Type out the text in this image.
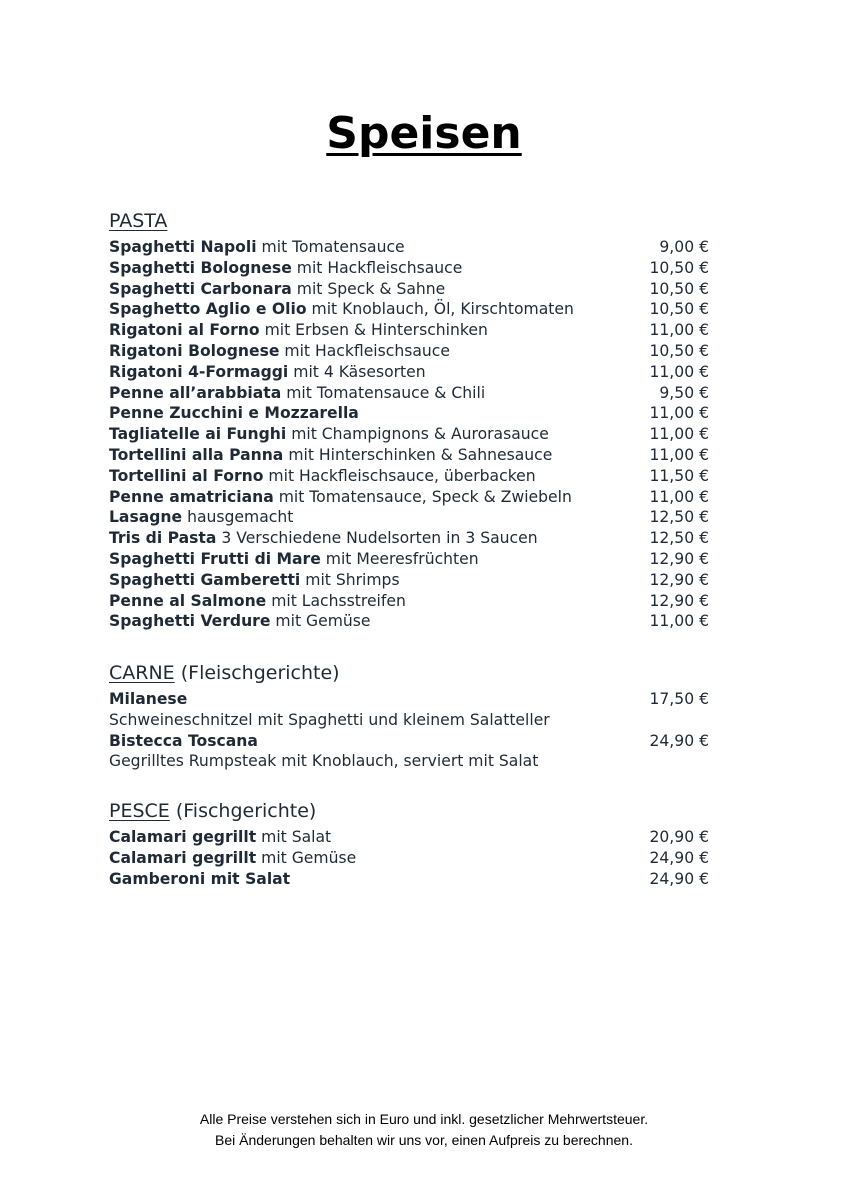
Speisen
PASTA
Spaghetti Napoli mit Tomatensauce	9,00 €
Spaghetti Bolognese mit Hackfleischsauce	10,50 €
Spaghetti Carbonara mit Speck & Sahne	10,50 €
Spaghetto Aglio e Olio mit Knoblauch, Öl, Kirschtomaten	10,50 €
Rigatoni al Forno mit Erbsen & Hinterschinken	11,00 €
Rigatoni Bolognese mit Hackfleischsauce	10,50 €
Rigatoni 4-Formaggi mit 4 Käsesorten	11,00 €
Penne all’arabbiata mit Tomatensauce & Chili	9,50 €
Penne Zucchini e Mozzarella	11,00 €
Tagliatelle ai Funghi mit Champignons & Aurorasauce	11,00 €
Tortellini alla Panna mit Hinterschinken & Sahnesauce	11,00 €
Tortellini al Forno mit Hackfleischsauce, überbacken	11,50 €
Penne amatriciana mit Tomatensauce, Speck & Zwiebeln	11,00 €
Lasagne hausgemacht	12,50 €
Tris di Pasta 3 Verschiedene Nudelsorten in 3 Saucen	12,50 €
Spaghetti Frutti di Mare mit Meeresfrüchten	12,90 €
Spaghetti Gamberetti mit Shrimps	12,90 €
Penne al Salmone mit Lachsstreifen	12,90 €
Spaghetti Verdure mit Gemüse	11,00 €
CARNE (Fleischgerichte)
Milanese	17,50 €
Schweineschnitzel mit Spaghetti und kleinem Salatteller
Bistecca Toscana	24,90 €
Gegrilltes Rumpsteak mit Knoblauch, serviert mit Salat
PESCE (Fischgerichte)
Calamari gegrillt mit Salat	20,90 €
Calamari gegrillt mit Gemüse	24,90 €
Gamberoni mit Salat	24,90 €
Alle Preise verstehen sich in Euro und inkl. gesetzlicher Mehrwertsteuer.
Bei Änderungen behalten wir uns vor, einen Aufpreis zu berechnen.
